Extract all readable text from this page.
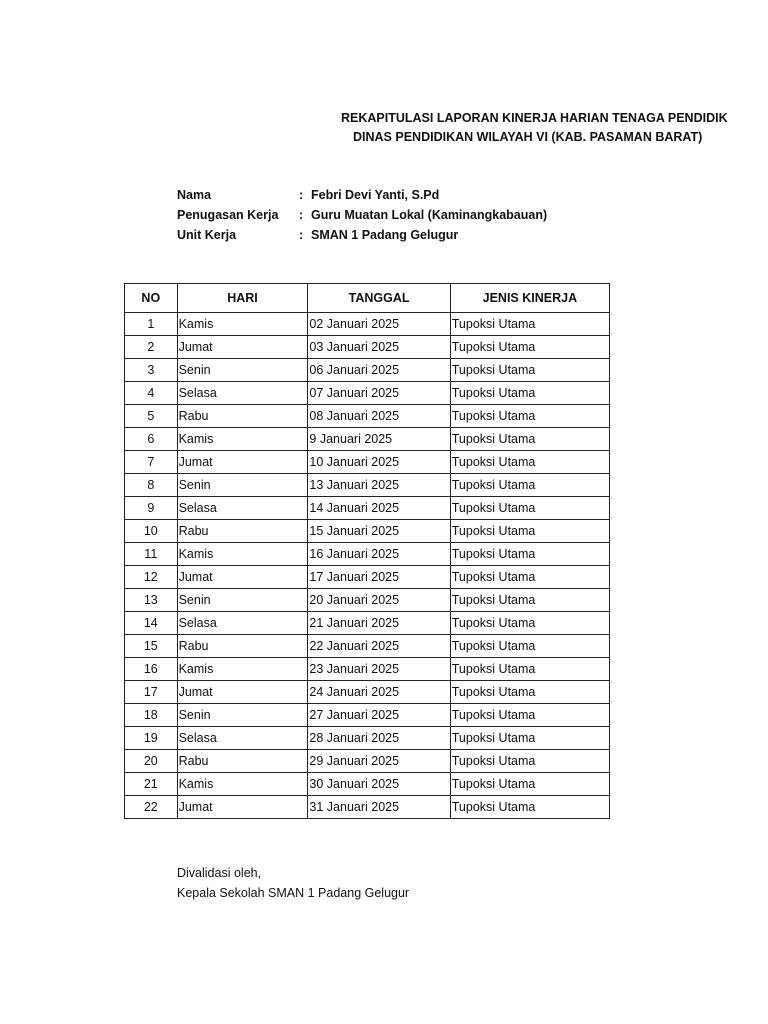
REKAPITULASI LAPORAN KINERJA HARIAN TENAGA PENDIDIK
DINAS PENDIDIKAN WILAYAH VI (KAB. PASAMAN BARAT)
Nama	: Febri Devi Yanti, S.Pd
Penugasan Kerja : Guru Muatan Lokal (Kaminangkabauan)
Unit Kerja	: SMAN 1 Padang Gelugur
NO	HARI	TANGGAL	JENIS KINERJA
1	Kamis	02 Januari 2025	Tupoksi Utama
2	Jumat	03 Januari 2025	Tupoksi Utama
3	Senin	06 Januari 2025	Tupoksi Utama
4	Selasa	07 Januari 2025	Tupoksi Utama
5	Rabu	08 Januari 2025	Tupoksi Utama
6	Kamis	9 Januari 2025	Tupoksi Utama
7	Jumat	10 Januari 2025	Tupoksi Utama
8	Senin	13 Januari 2025	Tupoksi Utama
9	Selasa	14 Januari 2025	Tupoksi Utama
10	Rabu	15 Januari 2025	Tupoksi Utama
11	Kamis	16 Januari 2025	Tupoksi Utama
12	Jumat	17 Januari 2025	Tupoksi Utama
13	Senin	20 Januari 2025	Tupoksi Utama
14	Selasa	21 Januari 2025	Tupoksi Utama
15	Rabu	22 Januari 2025	Tupoksi Utama
16	Kamis	23 Januari 2025	Tupoksi Utama
17	Jumat	24 Januari 2025	Tupoksi Utama
18	Senin	27 Januari 2025	Tupoksi Utama
19	Selasa	28 Januari 2025	Tupoksi Utama
20	Rabu	29 Januari 2025	Tupoksi Utama
21	Kamis	30 Januari 2025	Tupoksi Utama
22	Jumat	31 Januari 2025	Tupoksi Utama
Divalidasi oleh,
Kepala Sekolah SMAN 1 Padang Gelugur
